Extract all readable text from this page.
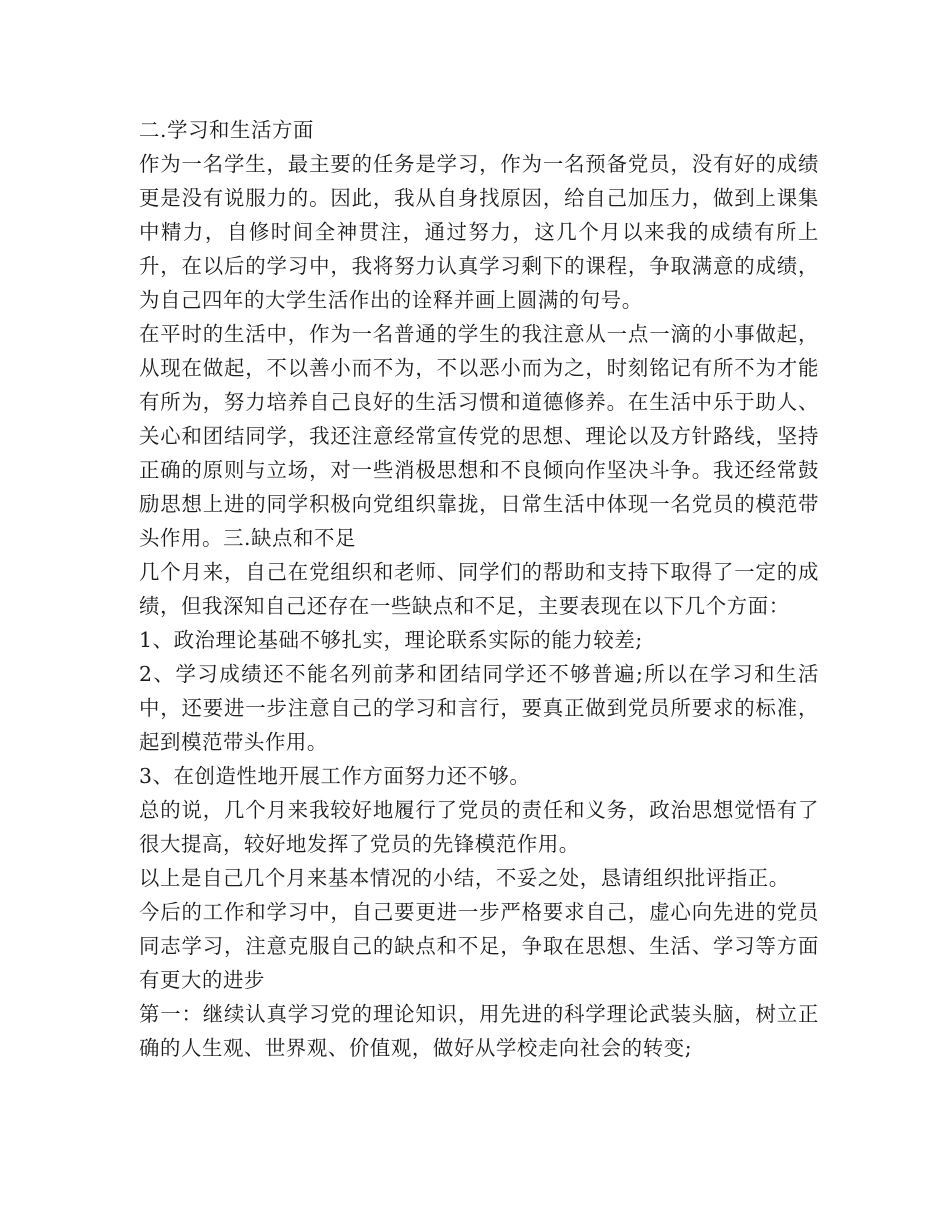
二.学习和生活方面

作为一名学生，最主要的任务是学习，作为一名预备党员，没有好的成绩更是没有说服力的。因此，我从自身找原因，给自己加压力，做到上课集中精力，自修时间全神贯注，通过努力，这几个月以来我的成绩有所上升，在以后的学习中，我将努力认真学习剩下的课程，争取满意的成绩，为自己四年的大学生活作出的诠释并画上圆满的句号。

在平时的生活中，作为一名普通的学生的我注意从一点一滴的小事做起，从现在做起，不以善小而不为，不以恶小而为之，时刻铭记有所不为才能有所为，努力培养自己良好的生活习惯和道德修养。在生活中乐于助人、关心和团结同学，我还注意经常宣传党的思想、理论以及方针路线，坚持正确的原则与立场，对一些消极思想和不良倾向作坚决斗争。我还经常鼓励思想上进的同学积极向党组织靠拢，日常生活中体现一名党员的模范带头作用。三.缺点和不足

几个月来，自己在党组织和老师、同学们的帮助和支持下取得了一定的成绩，但我深知自己还存在一些缺点和不足，主要表现在以下几个方面：

1、政治理论基础不够扎实，理论联系实际的能力较差;

2、学习成绩还不能名列前茅和团结同学还不够普遍;所以在学习和生活中，还要进一步注意自己的学习和言行，要真正做到党员所要求的标准，起到模范带头作用。

3、在创造性地开展工作方面努力还不够。

总的说，几个月来我较好地履行了党员的责任和义务，政治思想觉悟有了很大提高，较好地发挥了党员的先锋模范作用。

以上是自己几个月来基本情况的小结，不妥之处，恳请组织批评指正。

今后的工作和学习中，自己要更进一步严格要求自己，虚心向先进的党员同志学习，注意克服自己的缺点和不足，争取在思想、生活、学习等方面有更大的进步

第一：继续认真学习党的理论知识，用先进的科学理论武装头脑，树立正确的人生观、世界观、价值观，做好从学校走向社会的转变;
